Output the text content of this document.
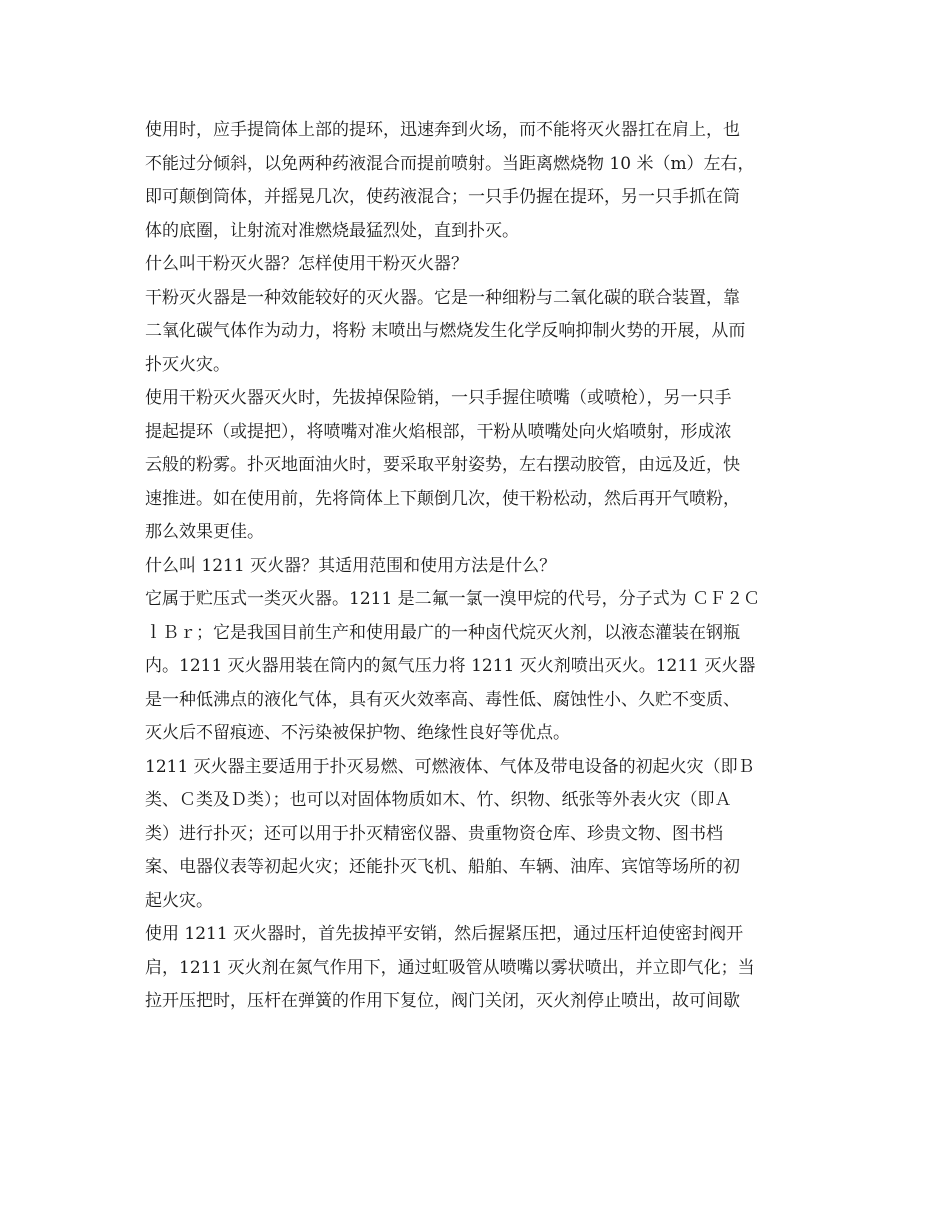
使用时，应手提筒体上部的提环，迅速奔到火场，而不能将灭火器扛在肩上，也
不能过分倾斜，以免两种药液混合而提前喷射。当距离燃烧物 10 米（m）左右，
即可颠倒筒体，并摇晃几次，使药液混合；一只手仍握在提环，另一只手抓在筒
体的底圈，让射流对准燃烧最猛烈处，直到扑灭。
什么叫干粉灭火器？怎样使用干粉灭火器？
干粉灭火器是一种效能较好的灭火器。它是一种细粉与二氧化碳的联合装置，靠
二氧化碳气体作为动力，将粉 末喷出与燃烧发生化学反响抑制火势的开展，从而
扑灭火灾。
使用干粉灭火器灭火时，先拔掉保险销，一只手握住喷嘴（或喷枪），另一只手
提起提环（或提把），将喷嘴对准火焰根部，干粉从喷嘴处向火焰喷射，形成浓
云般的粉雾。扑灭地面油火时，要采取平射姿势，左右摆动胶管，由远及近，快
速推进。如在使用前，先将筒体上下颠倒几次，使干粉松动，然后再开气喷粉，
那么效果更佳。
什么叫 1211 灭火器？其适用范围和使用方法是什么？
它属于贮压式一类灭火器。1211 是二氟一氯一溴甲烷的代号，分子式为 ＣＦ２Ｃ
ｌＢｒ；它是我国目前生产和使用最广的一种卤代烷灭火剂，以液态灌装在钢瓶
内。1211 灭火器用装在筒内的氮气压力将 1211 灭火剂喷出灭火。1211 灭火器
是一种低沸点的液化气体，具有灭火效率高、毒性低、腐蚀性小、久贮不变质、
灭火后不留痕迹、不污染被保护物、绝缘性良好等优点。
1211 灭火器主要适用于扑灭易燃、可燃液体、气体及带电设备的初起火灾（即Ｂ
类、Ｃ类及Ｄ类）；也可以对固体物质如木、竹、织物、纸张等外表火灾（即Ａ
类）进行扑灭；还可以用于扑灭精密仪器、贵重物资仓库、珍贵文物、图书档
案、电器仪表等初起火灾；还能扑灭飞机、船舶、车辆、油库、宾馆等场所的初
起火灾。
使用 1211 灭火器时，首先拔掉平安销，然后握紧压把，通过压杆迫使密封阀开
启，1211 灭火剂在氮气作用下，通过虹吸管从喷嘴以雾状喷出，并立即气化；当
拉开压把时，压杆在弹簧的作用下复位，阀门关闭，灭火剂停止喷出，故可间歇
